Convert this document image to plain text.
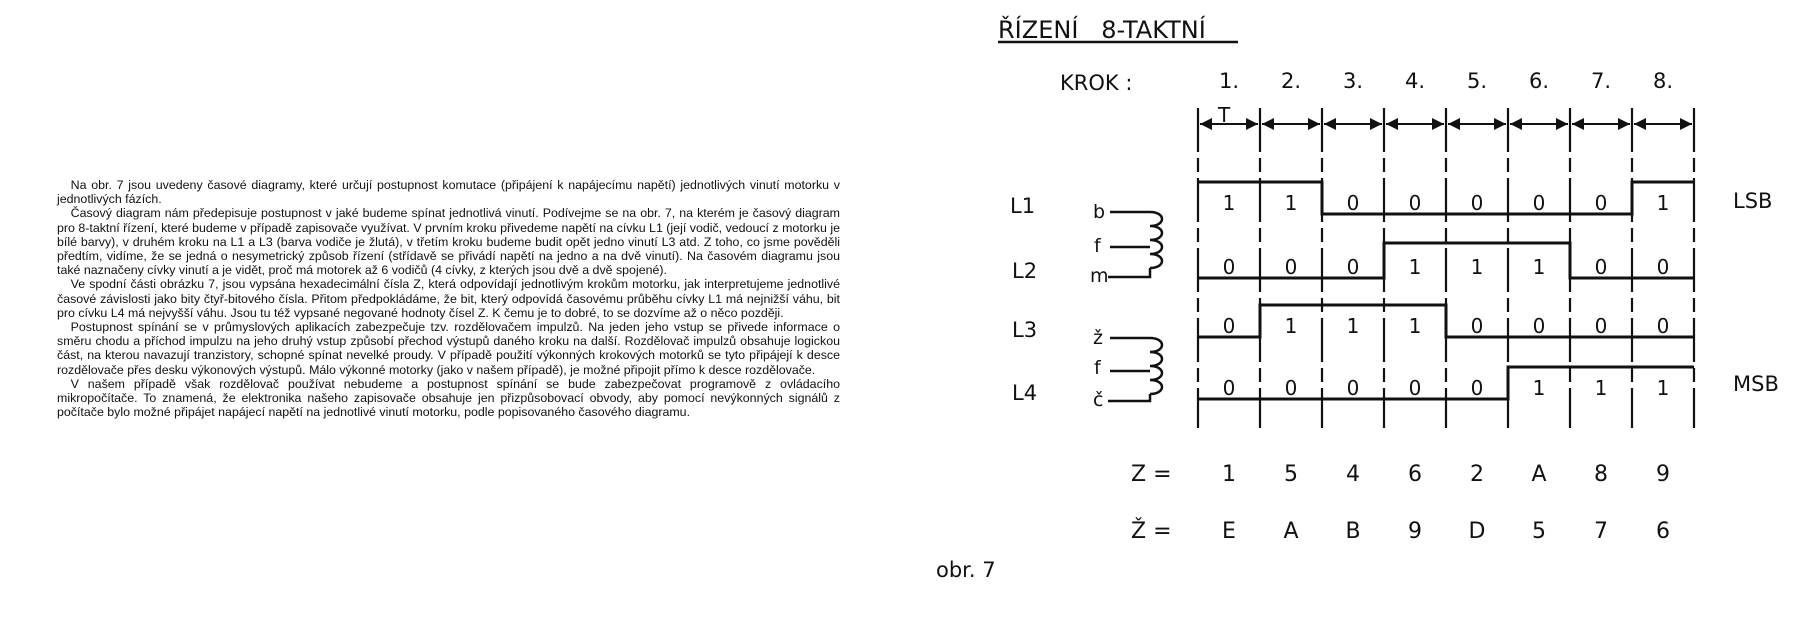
Na obr. 7 jsou uvedeny časové diagramy, které určují postupnost komutace (připájení k napájecímu napětí) jednotlivých vinutí motorku v jednotlivých fázích.

Časový diagram nám předepisuje postupnost v jaké budeme spínat jednotlivá vinutí. Podívejme se na obr. 7, na kterém je časový diagram pro 8-taktní řízení, které budeme v případě zapisovače využívat. V prvním kroku přivedeme napětí na cívku L1 (její vodič, vedoucí z motorku je bílé barvy), v druhém kroku na L1 a L3 (barva vodiče je žlutá), v třetím kroku budeme budit opět jedno vinutí L3 atd. Z toho, co jsme pověděli předtím, vidíme, že se jedná o nesymetrický způsob řízení (střídavě se přivádí napětí na jedno a na dvě vinutí). Na časovém diagramu jsou také naznačeny cívky vinutí a je vidět, proč má motorek až 6 vodičů (4 cívky, z kterých jsou dvě a dvě spojené).

Ve spodní části obrázku 7, jsou vypsána hexadecimální čísla Z, která odpovídají jednotlivým krokům motorku, jak interpretujeme jednotlivé časové závislosti jako bity čtyř-bitového čísla. Přitom předpokládáme, že bit, který odpovídá časovému průběhu cívky L1 má nejnižší váhu, bit pro cívku L4 má nejvyšší váhu. Jsou tu též vypsané negované hodnoty čísel Z. K čemu je to dobré, to se dozvíme až o něco později.

Postupnost spínání se v průmyslových aplikacích zabezpečuje tzv. rozdělovačem impulzů. Na jeden jeho vstup se přivede informace o směru chodu a příchod impulzu na jeho druhý vstup způsobí přechod výstupů daného kroku na další. Rozdělovač impulzů obsahuje logickou část, na kterou navazují tranzistory, schopné spínat nevelké proudy. V případě použití výkonných krokových motorků se tyto připájejí k desce rozdělovače přes desku výkonových výstupů. Málo výkonné motorky (jako v našem případě), je možné připojit přímo k desce rozdělovače.

V našem případě však rozdělovač používat nebudeme a postupnost spínání se bude zabezpečovat programově z ovládacího mikropočítače. To znamená, že elektronika našeho zapisovače obsahuje jen přizpůsobovací obvody, aby pomocí nevýkonných signálů z počítače bylo možné připájet napájecí napětí na jednotlivé vinutí motorku, podle popisovaného časového diagramu.

ŘÍZENÍ   8-TAKTNÍ
KROK :	1. 2. 3. 4. 5. 6. 7. 8.
T
L1
L2
L3
L4
b
f
m
ž
f
č
1 1 0 0 0 0 0 1
0 0 0 1 1 1 0 0
0 1 1 1 0 0 0 0
0 0 0 0 0 1 1 1
LSB
MSB
Z = 1 5 4 6 2 A 8 9
Ž = E A B 9 D 5 7 6
obr. 7
